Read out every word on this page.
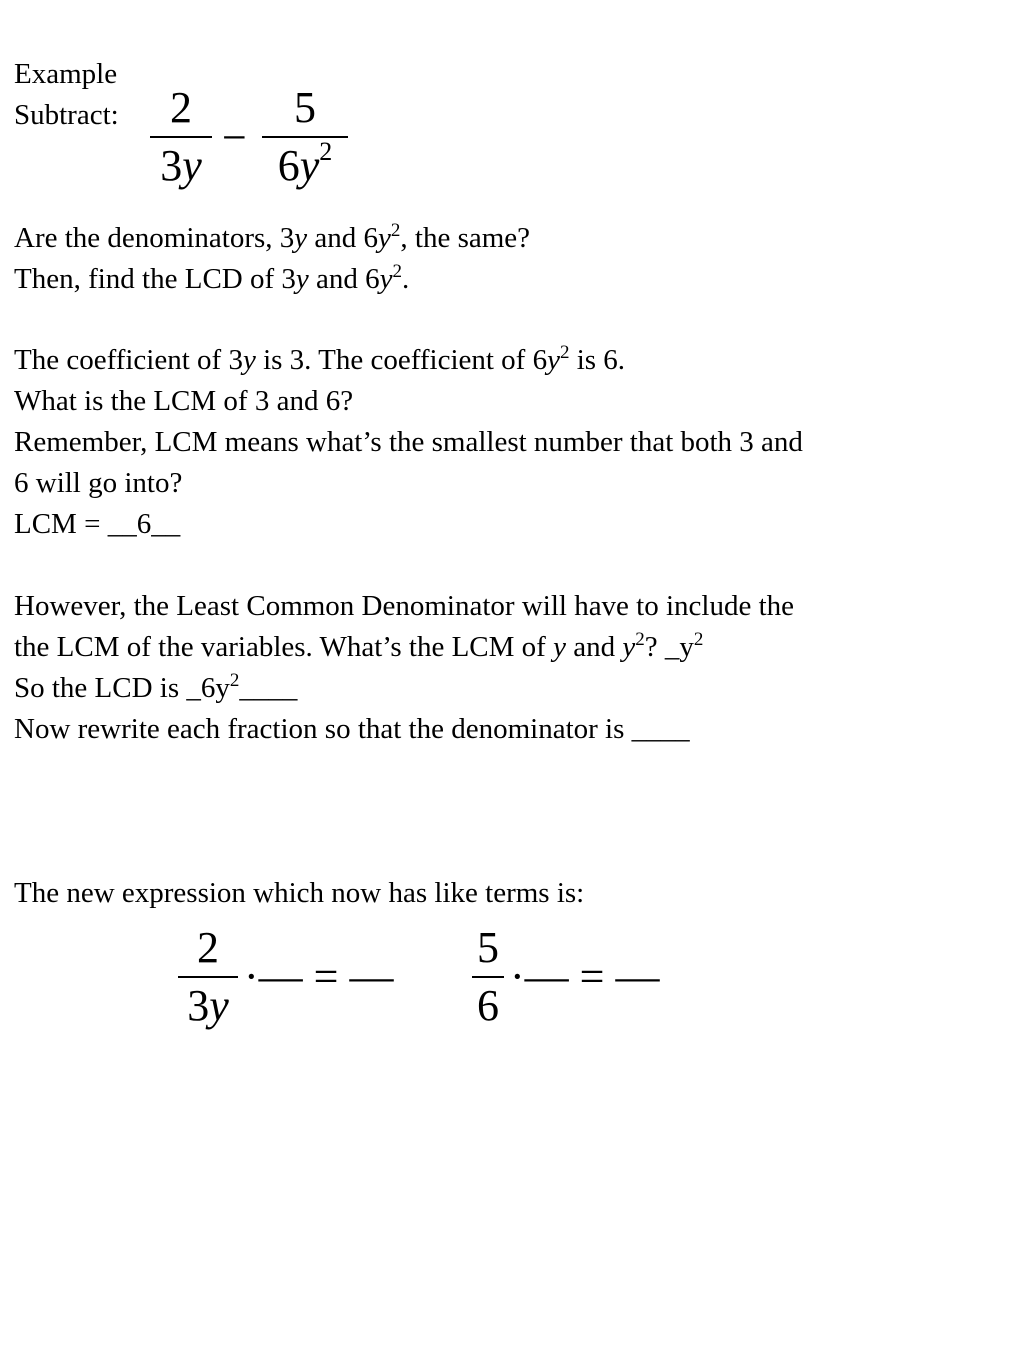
Example
Subtract:	2
3y
−
5
$6y^2$
Are the denominators, 3y and $6y^2$, the same?
Then, find the LCD of 3y and $6y^2$.
The coefficient of 3y is 3. The coefficient of $6y^2$ is 6.
What is the LCM of 3 and 6?
Remember, LCM means what’s the smallest number that both 3 and
6 will go into?
LCM = __6__
However, the Least Common Denominator will have to include the
the LCM of the variables. What’s the LCM of y and $y^2$? $\_y^2$
So the LCD is $\_6y^2\_\_\_\_$
Now rewrite each fraction so that the denominator is ____
The new expression which now has like terms is:
2
3y
·— = —
5
6
·— = —
